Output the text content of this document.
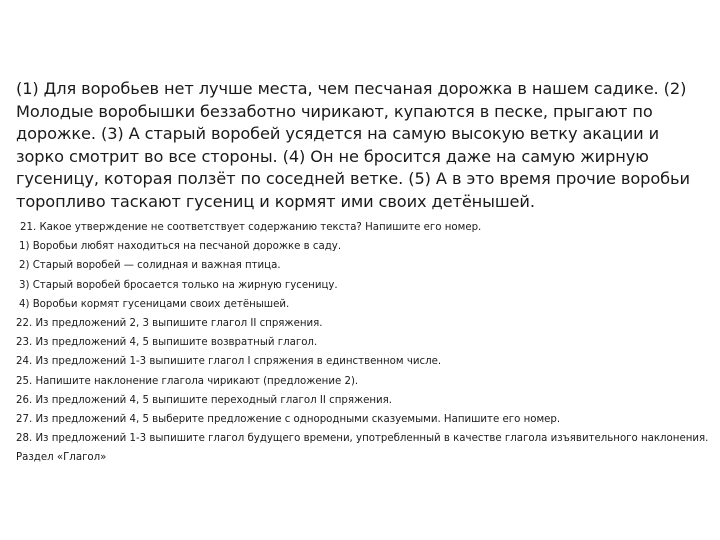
(1) Для воробьев нет лучше места, чем песчаная дорожка в нашем садике. (2) Молодые воробышки беззаботно чирикают, купаются в песке, прыгают по дорожке. (3) А старый воробей усядется на самую высокую ветку акации и зорко смотрит во все стороны. (4) Он не бросится даже на самую жирную гусеницу, которая ползёт по соседней ветке. (5) А в это время прочие воробьи торопливо таскают гусениц и кормят ими своих детёнышей.

21. Какое утверждение не соответствует содержанию текста? Напишите его номер.
1) Воробьи любят находиться на песчаной дорожке в саду.
2) Старый воробей — солидная и важная птица.
3) Старый воробей бросается только на жирную гусеницу.
4) Воробьи кормят гусеницами своих детёнышей.
22. Из предложений 2, 3 выпишите глагол II спряжения.
23. Из предложений 4, 5 выпишите возвратный глагол.
24. Из предложений 1-3 выпишите глагол I спряжения в единственном числе.
25. Напишите наклонение глагола чирикают (предложение 2).
26. Из предложений 4, 5 выпишите переходный глагол II спряжения.
27. Из предложений 4, 5 выберите предложение с однородными сказуемыми. Напишите его номер.
28. Из предложений 1-3 выпишите глагол будущего времени, употребленный в качестве глагола изъявительного наклонения. Раздел «Глагол»
